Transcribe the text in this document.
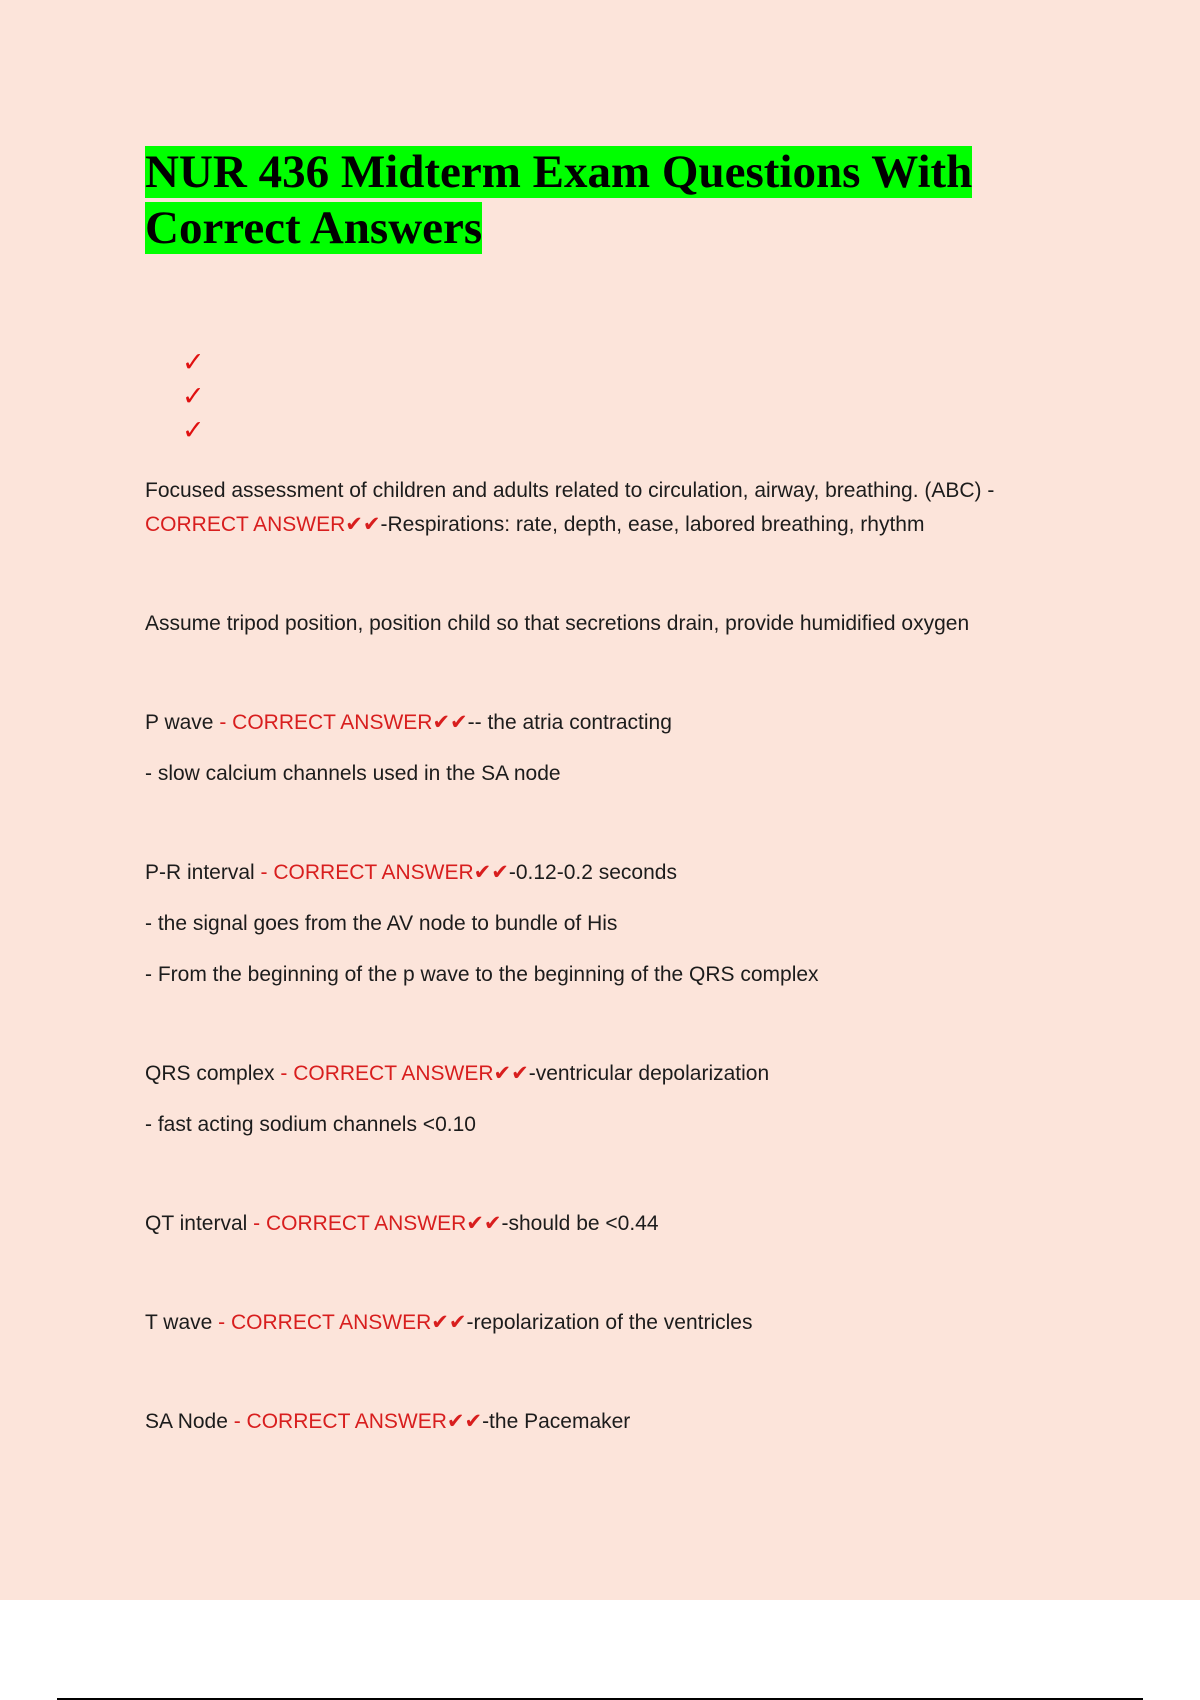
NUR 436 Midterm Exam Questions With
Correct Answers
✓
✓
✓

Focused assessment of children and adults related to circulation, airway, breathing. (ABC) -

CORRECT ANSWER✔✔-Respirations: rate, depth, ease, labored breathing, rhythm

Assume tripod position, position child so that secretions drain, provide humidified oxygen

P wave - CORRECT ANSWER✔✔-- the atria contracting

- slow calcium channels used in the SA node

P-R interval - CORRECT ANSWER✔✔-0.12-0.2 seconds

- the signal goes from the AV node to bundle of His

- From the beginning of the p wave to the beginning of the QRS complex

QRS complex - CORRECT ANSWER✔✔-ventricular depolarization

- fast acting sodium channels <0.10

QT interval - CORRECT ANSWER✔✔-should be <0.44

T wave - CORRECT ANSWER✔✔-repolarization of the ventricles

SA Node - CORRECT ANSWER✔✔-the Pacemaker
